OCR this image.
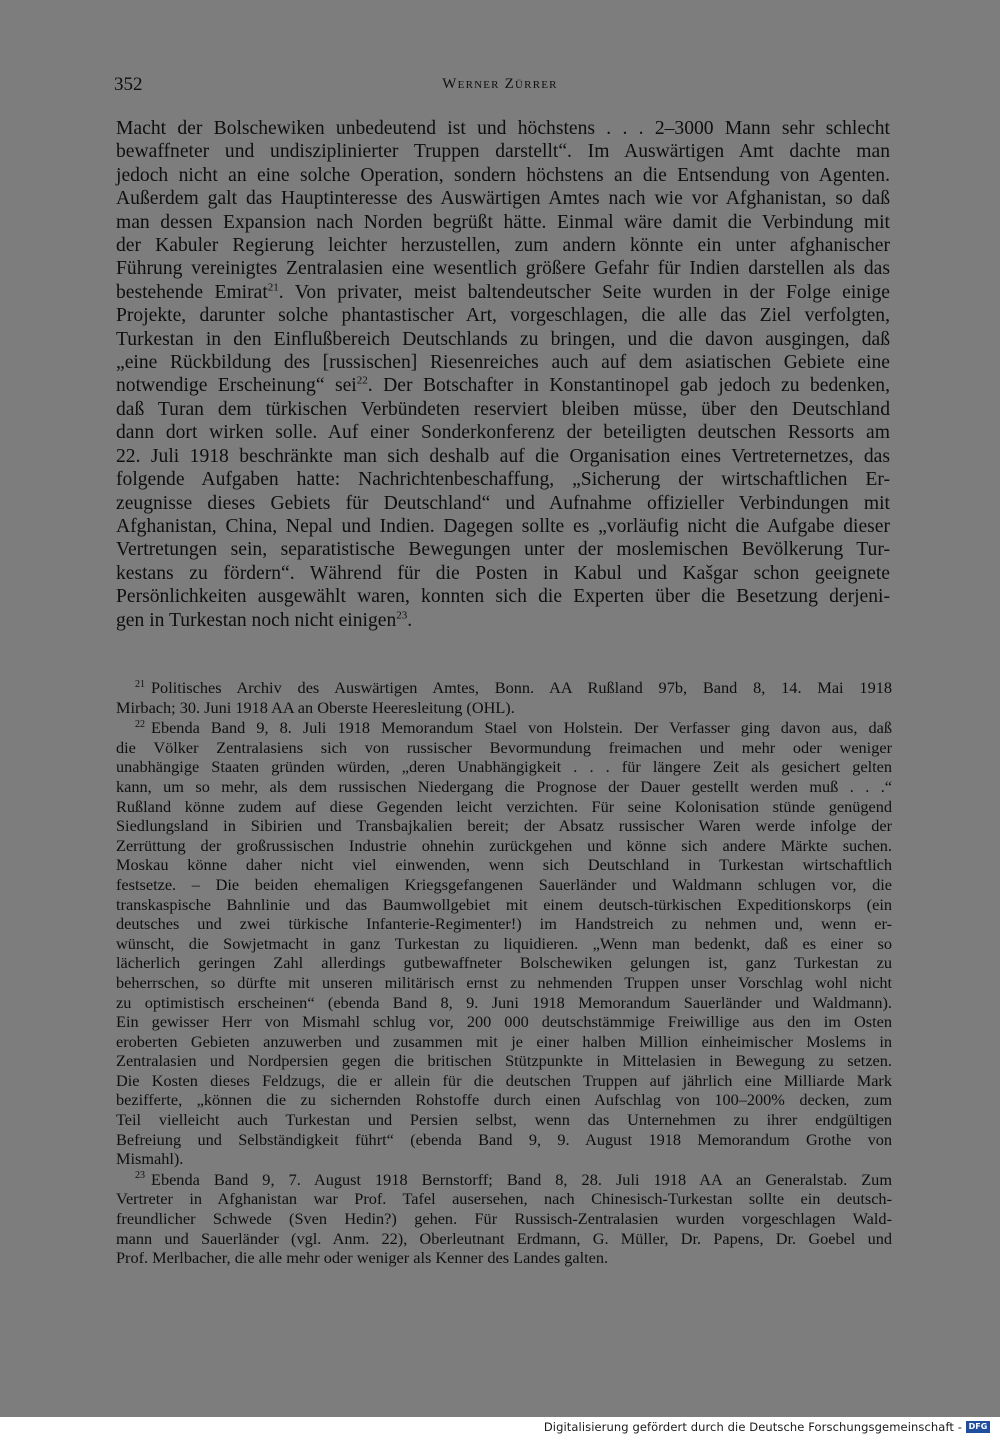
352	Werner Zürrer
Macht der Bolschewiken unbedeutend ist und höchstens . . . 2–3000 Mann sehr schlecht
bewaffneter und undisziplinierter Truppen darstellt“. Im Auswärtigen Amt dachte man
jedoch nicht an eine solche Operation, sondern höchstens an die Entsendung von Agenten.
Außerdem galt das Hauptinteresse des Auswärtigen Amtes nach wie vor Afghanistan, so daß
man dessen Expansion nach Norden begrüßt hätte. Einmal wäre damit die Verbindung mit
der Kabuler Regierung leichter herzustellen, zum andern könnte ein unter afghanischer
Führung vereinigtes Zentralasien eine wesentlich größere Gefahr für Indien darstellen als das
bestehende Emirat$^{21}$. Von privater, meist baltendeutscher Seite wurden in der Folge einige
Projekte, darunter solche phantastischer Art, vorgeschlagen, die alle das Ziel verfolgten,
Turkestan in den Einflußbereich Deutschlands zu bringen, und die davon ausgingen, daß
„eine Rückbildung des [russischen] Riesenreiches auch auf dem asiatischen Gebiete eine
notwendige Erscheinung“ sei$^{22}$. Der Botschafter in Konstantinopel gab jedoch zu bedenken,
daß Turan dem türkischen Verbündeten reserviert bleiben müsse, über den Deutschland
dann dort wirken solle. Auf einer Sonderkonferenz der beteiligten deutschen Ressorts am
22. Juli 1918 beschränkte man sich deshalb auf die Organisation eines Vertreternetzes, das
folgende Aufgaben hatte: Nachrichtenbeschaffung, „Sicherung der wirtschaftlichen Er-
zeugnisse dieses Gebiets für Deutschland“ und Aufnahme offizieller Verbindungen mit
Afghanistan, China, Nepal und Indien. Dagegen sollte es „vorläufig nicht die Aufgabe dieser
Vertretungen sein, separatistische Bewegungen unter der moslemischen Bevölkerung Tur-
kestans zu fördern“. Während für die Posten in Kabul und Kašgar schon geeignete
Persönlichkeiten ausgewählt waren, konnten sich die Experten über die Besetzung derjeni-
gen in Turkestan noch nicht einigen$^{23}$.
$^{21}$ Politisches Archiv des Auswärtigen Amtes, Bonn. AA Rußland 97b, Band 8, 14. Mai 1918
Mirbach; 30. Juni 1918 AA an Oberste Heeresleitung (OHL).
$^{22}$ Ebenda Band 9, 8. Juli 1918 Memorandum Stael von Holstein. Der Verfasser ging davon aus, daß
die Völker Zentralasiens sich von russischer Bevormundung freimachen und mehr oder weniger
unabhängige Staaten gründen würden, „deren Unabhängigkeit . . . für längere Zeit als gesichert gelten
kann, um so mehr, als dem russischen Niedergang die Prognose der Dauer gestellt werden muß . . .“
Rußland könne zudem auf diese Gegenden leicht verzichten. Für seine Kolonisation stünde genügend
Siedlungsland in Sibirien und Transbajkalien bereit; der Absatz russischer Waren werde infolge der
Zerrüttung der großrussischen Industrie ohnehin zurückgehen und könne sich andere Märkte suchen.
Moskau könne daher nicht viel einwenden, wenn sich Deutschland in Turkestan wirtschaftlich
festsetze. – Die beiden ehemaligen Kriegsgefangenen Sauerländer und Waldmann schlugen vor, die
transkaspische Bahnlinie und das Baumwollgebiet mit einem deutsch-türkischen Expeditionskorps (ein
deutsches und zwei türkische Infanterie-Regimenter!) im Handstreich zu nehmen und, wenn er-
wünscht, die Sowjetmacht in ganz Turkestan zu liquidieren. „Wenn man bedenkt, daß es einer so
lächerlich geringen Zahl allerdings gutbewaffneter Bolschewiken gelungen ist, ganz Turkestan zu
beherrschen, so dürfte mit unseren militärisch ernst zu nehmenden Truppen unser Vorschlag wohl nicht
zu optimistisch erscheinen“ (ebenda Band 8, 9. Juni 1918 Memorandum Sauerländer und Waldmann).
Ein gewisser Herr von Mismahl schlug vor, 200 000 deutschstämmige Freiwillige aus den im Osten
eroberten Gebieten anzuwerben und zusammen mit je einer halben Million einheimischer Moslems in
Zentralasien und Nordpersien gegen die britischen Stützpunkte in Mittelasien in Bewegung zu setzen.
Die Kosten dieses Feldzugs, die er allein für die deutschen Truppen auf jährlich eine Milliarde Mark
bezifferte, „können die zu sichernden Rohstoffe durch einen Aufschlag von 100–200% decken, zum
Teil vielleicht auch Turkestan und Persien selbst, wenn das Unternehmen zu ihrer endgültigen
Befreiung und Selbständigkeit führt“ (ebenda Band 9, 9. August 1918 Memorandum Grothe von
Mismahl).
$^{23}$ Ebenda Band 9, 7. August 1918 Bernstorff; Band 8, 28. Juli 1918 AA an Generalstab. Zum
Vertreter in Afghanistan war Prof. Tafel ausersehen, nach Chinesisch-Turkestan sollte ein deutsch-
freundlicher Schwede (Sven Hedin?) gehen. Für Russisch-Zentralasien wurden vorgeschlagen Wald-
mann und Sauerländer (vgl. Anm. 22), Oberleutnant Erdmann, G. Müller, Dr. Papens, Dr. Goebel und
Prof. Merlbacher, die alle mehr oder weniger als Kenner des Landes galten.
Digitalisierung gefördert durch die Deutsche Forschungsgemeinschaft - DFG
